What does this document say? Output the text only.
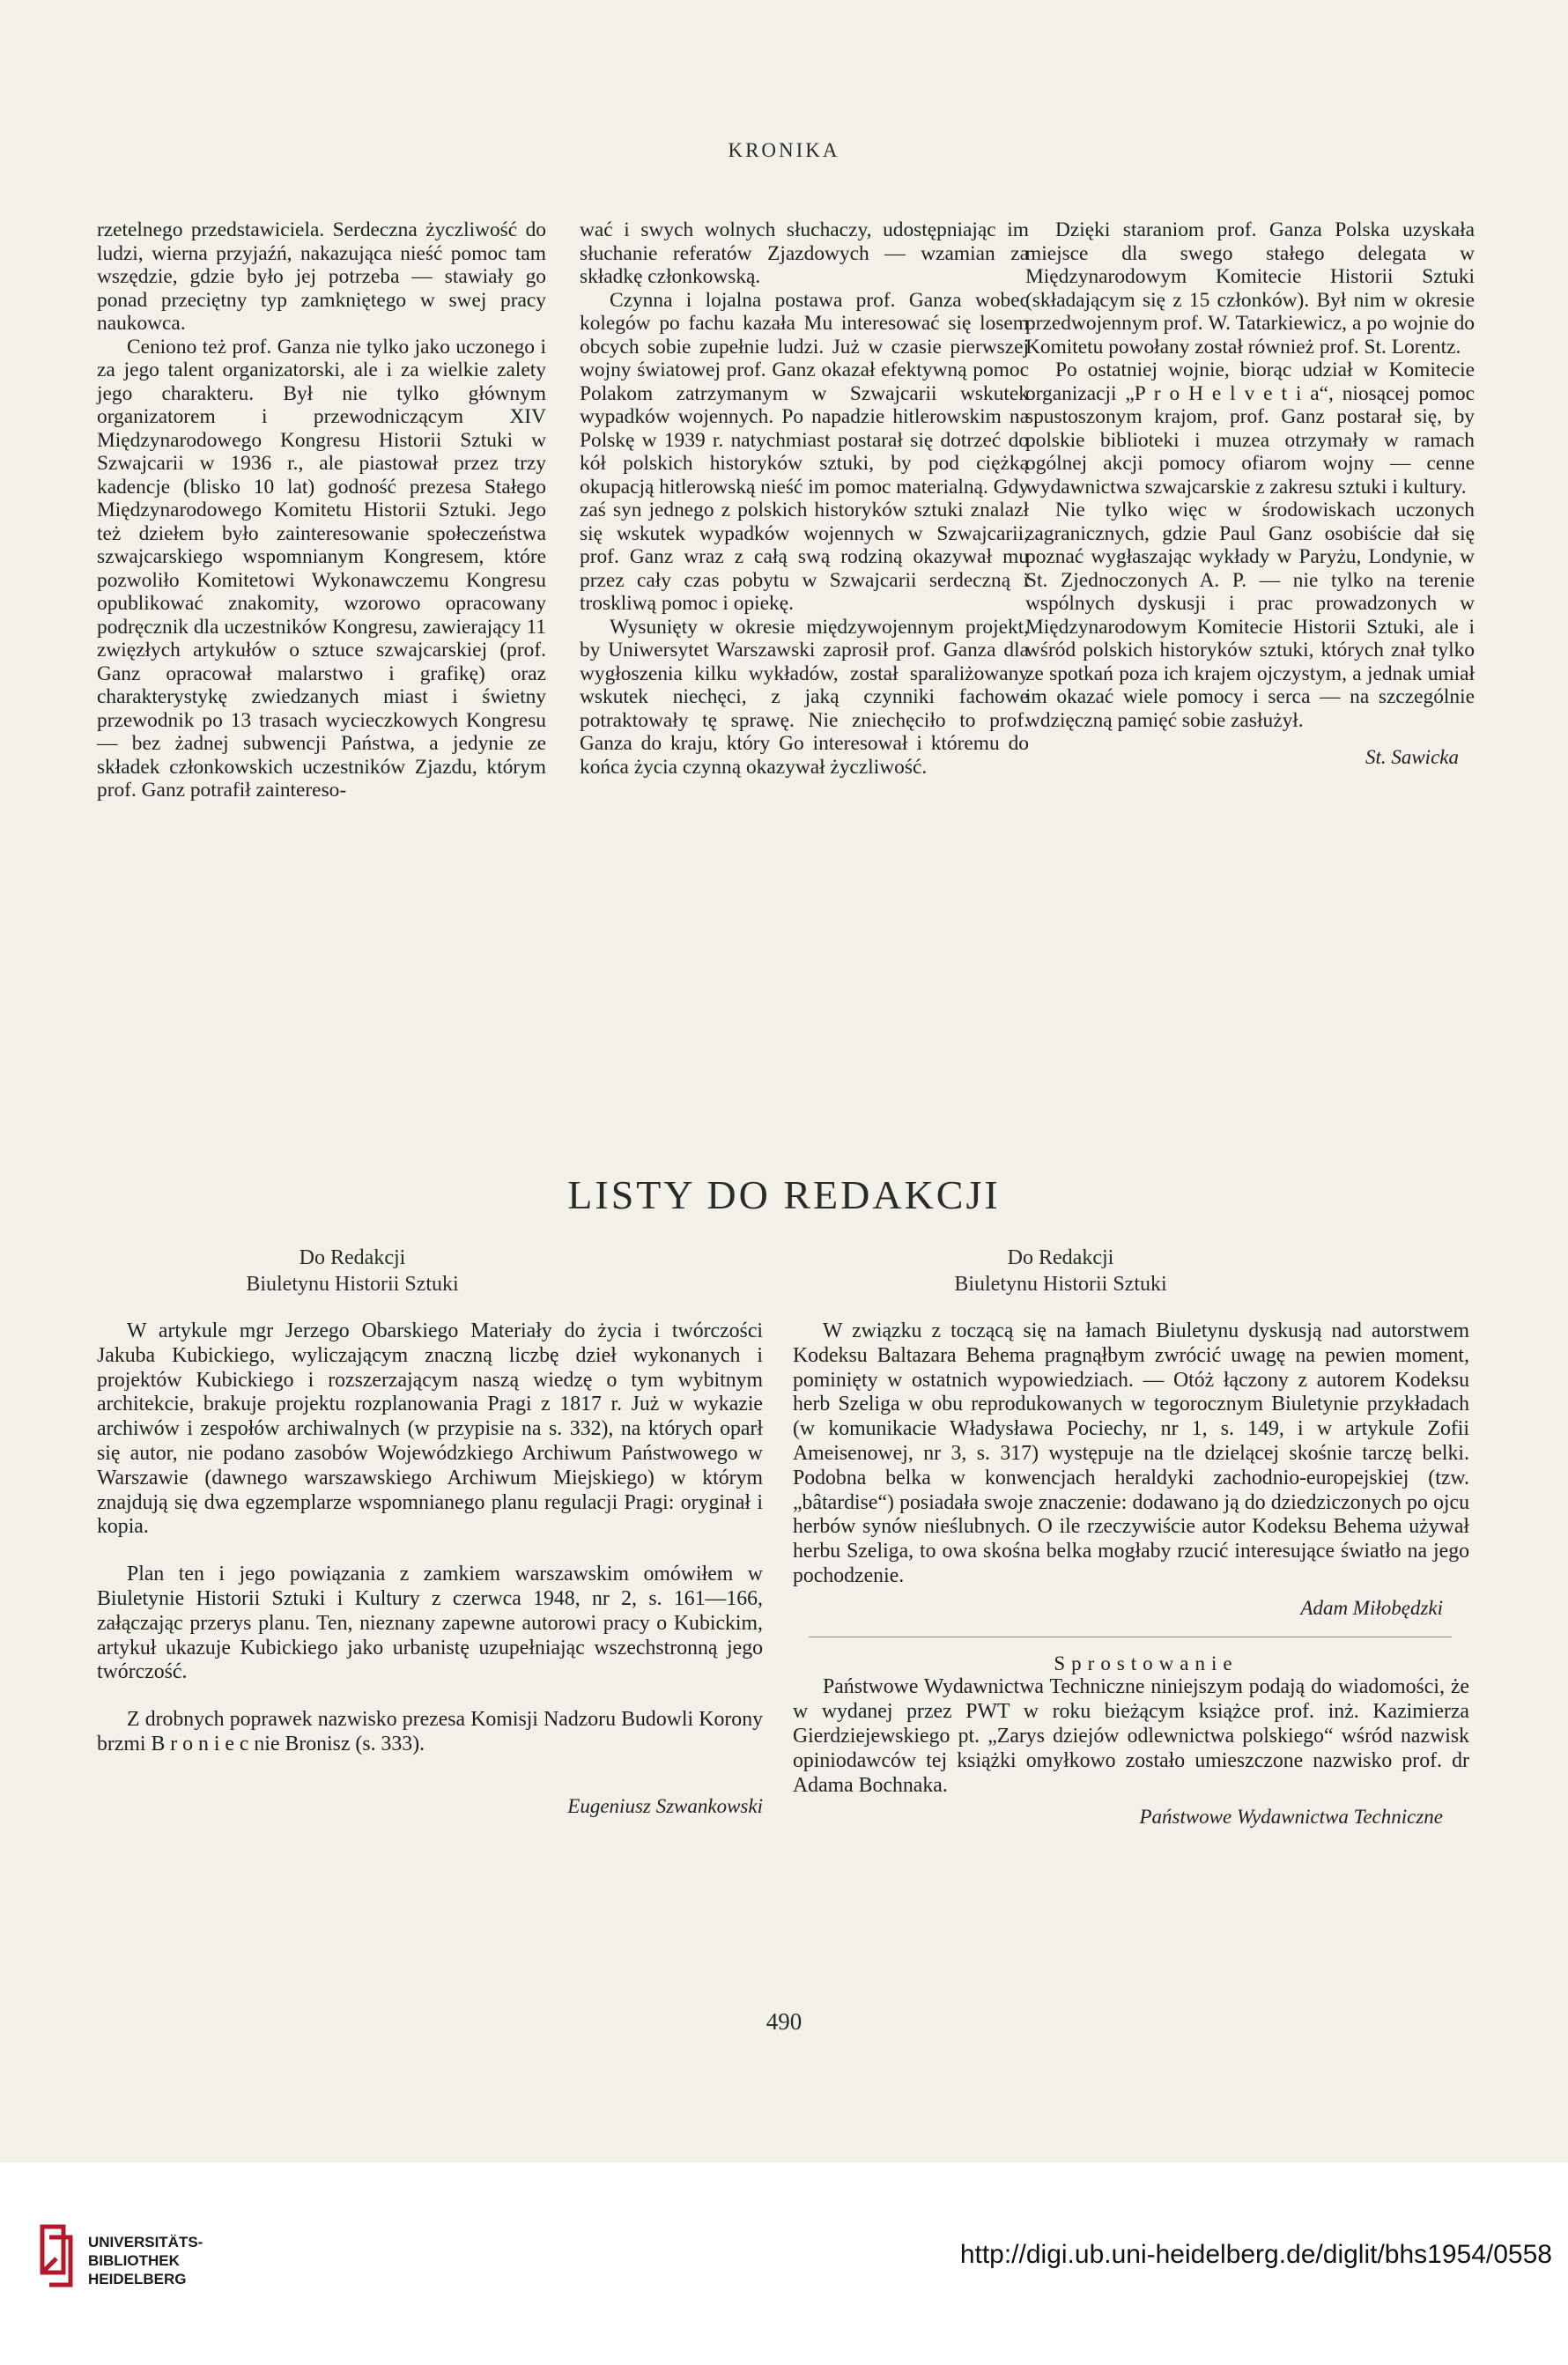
KRONIKA

rzetelnego przedstawiciela. Serdeczna życzliwość do ludzi, wierna przyjaźń, nakazująca nieść pomoc tam wszędzie, gdzie było jej potrzeba — stawiały go ponad przeciętny typ zamkniętego w swej pracy naukowca.

Ceniono też prof. Ganza nie tylko jako uczonego i za jego talent organizatorski, ale i za wielkie zalety jego charakteru. Był nie tylko głównym organizatorem i przewodniczącym XIV Międzynarodowego Kongresu Historii Sztuki w Szwajcarii w 1936 r., ale piastował przez trzy kadencje (blisko 10 lat) godność prezesa Stałego Międzynarodowego Komitetu Historii Sztuki. Jego też dziełem było zainteresowanie społeczeństwa szwajcarskiego wspomnianym Kongresem, które pozwoliło Komitetowi Wykonawczemu Kongresu opublikować znakomity, wzorowo opracowany podręcznik dla uczestników Kongresu, zawierający 11 zwięzłych artykułów o sztuce szwajcarskiej (prof. Ganz opracował malarstwo i grafikę) oraz charakterystykę zwiedzanych miast i świetny przewodnik po 13 trasach wycieczkowych Kongresu — bez żadnej subwencji Państwa, a jedynie ze składek członkowskich uczestników Zjazdu, którym prof. Ganz potrafił zaintereso-

wać i swych wolnych słuchaczy, udostępniając im słuchanie referatów Zjazdowych — wzamian za składkę członkowską.

Czynna i lojalna postawa prof. Ganza wobec kolegów po fachu kazała Mu interesować się losem obcych sobie zupełnie ludzi. Już w czasie pierwszej wojny światowej prof. Ganz okazał efektywną pomoc Polakom zatrzymanym w Szwajcarii wskutek wypadków wojennych. Po napadzie hitlerowskim na Polskę w 1939 r. natychmiast postarał się dotrzeć do kół polskich historyków sztuki, by pod ciężką okupacją hitlerowską nieść im pomoc materialną. Gdy zaś syn jednego z polskich historyków sztuki znalazł się wskutek wypadków wojennych w Szwajcarii, prof. Ganz wraz z całą swą rodziną okazywał mu przez cały czas pobytu w Szwajcarii serdeczną i troskliwą pomoc i opiekę.

Wysunięty w okresie międzywojennym projekt, by Uniwersytet Warszawski zaprosił prof. Ganza dla wygłoszenia kilku wykładów, został sparaliżowany wskutek niechęci, z jaką czynniki fachowe potraktowały tę sprawę. Nie zniechęciło to prof. Ganza do kraju, który Go interesował i któremu do końca życia czynną okazywał życzliwość.

Dzięki staraniom prof. Ganza Polska uzyskała miejsce dla swego stałego delegata w Międzynarodowym Komitecie Historii Sztuki (składającym się z 15 członków). Był nim w okresie przedwojennym prof. W. Tatarkiewicz, a po wojnie do Komitetu powołany został również prof. St. Lorentz.

Po ostatniej wojnie, biorąc udział w Komitecie organizacji „P r o H e l v e t i a“, niosącej pomoc spustoszonym krajom, prof. Ganz postarał się, by polskie biblioteki i muzea otrzymały w ramach ogólnej akcji pomocy ofiarom wojny — cenne wydawnictwa szwajcarskie z zakresu sztuki i kultury.

Nie tylko więc w środowiskach uczonych zagranicznych, gdzie Paul Ganz osobiście dał się poznać wygłaszając wykłady w Paryżu, Londynie, w St. Zjednoczonych A. P. — nie tylko na terenie wspólnych dyskusji i prac prowadzonych w Międzynarodowym Komitecie Historii Sztuki, ale i wśród polskich historyków sztuki, których znał tylko ze spotkań poza ich krajem ojczystym, a jednak umiał im okazać wiele pomocy i serca — na szczególnie wdzięczną pamięć sobie zasłużył.

St. Sawicka
LISTY DO REDAKCJI
Do Redakcji
Biuletynu Historii Sztuki
Do Redakcji
Biuletynu Historii Sztuki

W artykule mgr Jerzego Obarskiego Materiały do życia i twórczości Jakuba Kubickiego, wyliczającym znaczną liczbę dzieł wykonanych i projektów Kubickiego i rozszerzającym naszą wiedzę o tym wybitnym architekcie, brakuje projektu rozplanowania Pragi z 1817 r. Już w wykazie archiwów i zespołów archiwalnych (w przypisie na s. 332), na których oparł się autor, nie podano zasobów Wojewódzkiego Archiwum Państwowego w Warszawie (dawnego warszawskiego Archiwum Miejskiego) w którym znajdują się dwa egzemplarze wspomnianego planu regulacji Pragi: oryginał i kopia.

Plan ten i jego powiązania z zamkiem warszawskim omówiłem w Biuletynie Historii Sztuki i Kultury z czerwca 1948, nr 2, s. 161—166, załączając przerys planu. Ten, nieznany zapewne autorowi pracy o Kubickim, artykuł ukazuje Kubickiego jako urbanistę uzupełniając wszechstronną jego twórczość.

Z drobnych poprawek nazwisko prezesa Komisji Nadzoru Budowli Korony brzmi B r o n i e c nie Bronisz (s. 333).

Eugeniusz Szwankowski

W związku z toczącą się na łamach Biuletynu dyskusją nad autorstwem Kodeksu Baltazara Behema pragnąłbym zwrócić uwagę na pewien moment, pominięty w ostatnich wypowiedziach. — Otóż łączony z autorem Kodeksu herb Szeliga w obu reprodukowanych w tegorocznym Biuletynie przykładach (w komunikacie Władysława Pociechy, nr 1, s. 149, i w artykule Zofii Ameisenowej, nr 3, s. 317) występuje na tle dzielącej skośnie tarczę belki. Podobna belka w konwencjach heraldyki zachodnio-europejskiej (tzw. „bâtardise“) posiadała swoje znaczenie: dodawano ją do dziedziczonych po ojcu herbów synów nieślubnych. O ile rzeczywiście autor Kodeksu Behema używał herbu Szeliga, to owa skośna belka mogłaby rzucić interesujące światło na jego pochodzenie.

Adam Miłobędzki

Sprostowanie

Państwowe Wydawnictwa Techniczne niniejszym podają do wiadomości, że w wydanej przez PWT w roku bieżącym książce prof. inż. Kazimierza Gierdziejewskiego pt. „Zarys dziejów odlewnictwa polskiego“ wśród nazwisk opiniodawców tej książki omyłkowo zostało umieszczone nazwisko prof. dr Adama Bochnaka.

Państwowe Wydawnictwa Techniczne
490
UNIVERSITÄTS-
BIBLIOTHEK
HEIDELBERG
http://digi.ub.uni-heidelberg.de/diglit/bhs1954/0558
